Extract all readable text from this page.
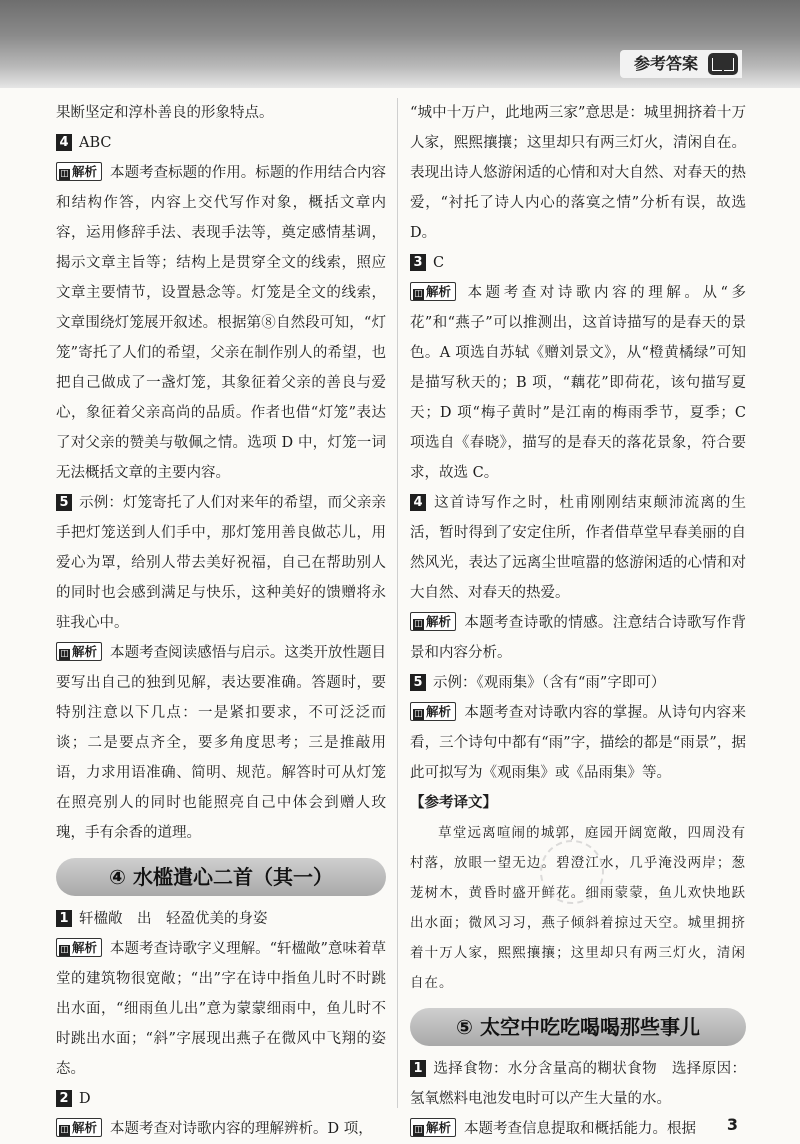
参考答案

果断坚定和淳朴善良的形象特点。

4 ABC

◫ 解析 本题考查标题的作用。标题的作用结合内容和结构作答，内容上交代写作对象，概括文章内容，运用修辞手法、表现手法等，奠定感情基调，揭示文章主旨等；结构上是贯穿全文的线索，照应文章主要情节，设置悬念等。灯笼是全文的线索，文章围绕灯笼展开叙述。根据第⑧自然段可知，“灯笼”寄托了人们的希望，父亲在制作别人的希望，也把自己做成了一盏灯笼，其象征着父亲的善良与爱心，象征着父亲高尚的品质。作者也借“灯笼”表达了对父亲的赞美与敬佩之情。选项 D 中，灯笼一词无法概括文章的主要内容。

5 示例：灯笼寄托了人们对来年的希望，而父亲亲手把灯笼送到人们手中，那灯笼用善良做芯儿，用爱心为罩，给别人带去美好祝福，自己在帮助别人的同时也会感到满足与快乐，这种美好的馈赠将永驻我心中。

◫ 解析 本题考查阅读感悟与启示。这类开放性题目要写出自己的独到见解，表达要准确。答题时，要特别注意以下几点：一是紧扣要求，不可泛泛而谈；二是要点齐全，要多角度思考；三是推敲用语，力求用语准确、简明、规范。解答时可从灯笼在照亮别人的同时也能照亮自己中体会到赠人玫瑰，手有余香的道理。

④ 水槛遣心二首（其一）

1 轩楹敞　出　轻盈优美的身姿

◫ 解析 本题考查诗歌字义理解。“轩楹敞”意味着草堂的建筑物很宽敞；“出”字在诗中指鱼儿时不时跳出水面，“细雨鱼儿出”意为蒙蒙细雨中，鱼儿时不时跳出水面；“斜”字展现出燕子在微风中飞翔的姿态。

2 D

◫ 解析 本题考查对诗歌内容的理解辨析。D 项，

“城中十万户，此地两三家”意思是：城里拥挤着十万人家，熙熙攘攘；这里却只有两三灯火，清闲自在。表现出诗人悠游闲适的心情和对大自然、对春天的热爱，“衬托了诗人内心的落寞之情”分析有误，故选 D。

3 C

◫ 解析 本题考查对诗歌内容的理解。从“多花”和“燕子”可以推测出，这首诗描写的是春天的景色。A 项选自苏轼《赠刘景文》，从“橙黄橘绿”可知是描写秋天的；B 项，“藕花”即荷花，该句描写夏天；D 项“梅子黄时”是江南的梅雨季节，夏季；C 项选自《春晓》，描写的是春天的落花景象，符合要求，故选 C。

4 这首诗写作之时，杜甫刚刚结束颠沛流离的生活，暂时得到了安定住所，作者借草堂早春美丽的自然风光，表达了远离尘世喧嚣的悠游闲适的心情和对大自然、对春天的热爱。

◫ 解析 本题考查诗歌的情感。注意结合诗歌写作背景和内容分析。

5 示例：《观雨集》（含有“雨”字即可）

◫ 解析 本题考查对诗歌内容的掌握。从诗句内容来看，三个诗句中都有“雨”字，描绘的都是“雨景”，据此可拟写为《观雨集》或《品雨集》等。

【参考译文】

草堂远离喧闹的城郭，庭园开阔宽敞，四周没有村落，放眼一望无边。碧澄江水，几乎淹没两岸；葱茏树木，黄昏时盛开鲜花。细雨蒙蒙，鱼儿欢快地跃出水面；微风习习，燕子倾斜着掠过天空。城里拥挤着十万人家，熙熙攘攘；这里却只有两三灯火，清闲自在。

⑤ 太空中吃吃喝喝那些事儿

1 选择食物：水分含量高的糊状食物　选择原因：氢氧燃料电池发电时可以产生大量的水。

◫ 解析 本题考查信息提取和概括能力。根据	3
